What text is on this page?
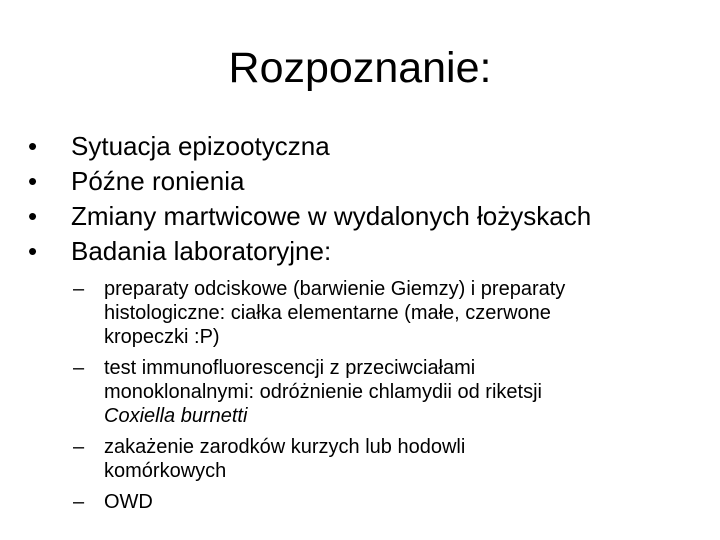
Rozpoznanie:
•	Sytuacja epizootyczna
•	Późne ronienia
•	Zmiany martwicowe w wydalonych łożyskach
•	Badania laboratoryjne:
– preparaty odciskowe (barwienie Giemzy) i preparaty
histologiczne: ciałka elementarne (małe, czerwone
kropeczki :P)
– test immunofluorescencji z przeciwciałami
monoklonalnymi: odróżnienie chlamydii od riketsji
Coxiella burnetti
– zakażenie zarodków kurzych lub hodowli
komórkowych
– OWD
